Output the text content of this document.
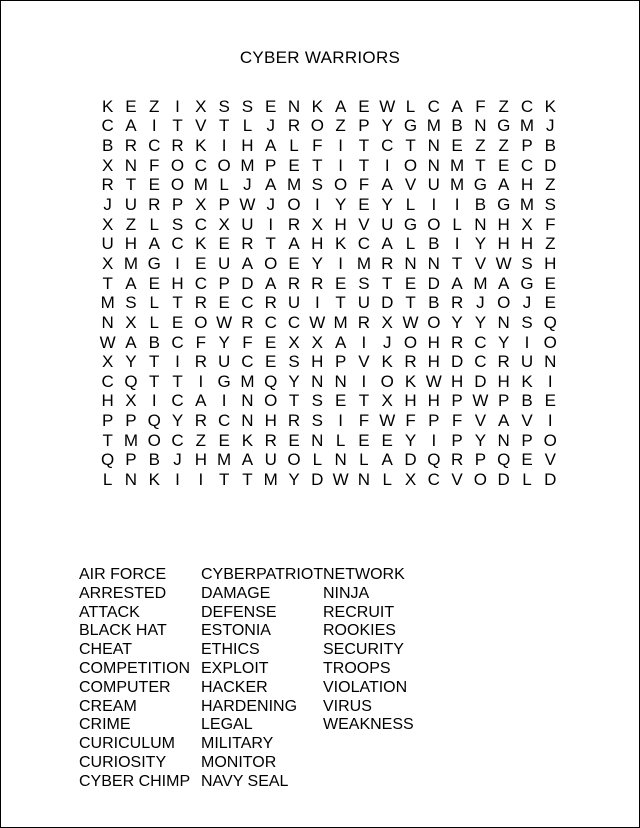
CYBER WARRIORS
K E Z I X S S E N K A E W L C A F Z C K
C A I T V T L J R O Z P Y G M B N G M J
B R C R K I H A L F I T C T N E Z Z P B
X N F O C O M P E T I T I O N M T E C D
R T E O M L J A M S O F A V U M G A H Z
J U R P X P W J O I Y E Y L I	I B G M S
X Z L S C X U I R X H V U G O L N H X F
U H A C K E R T A H K C A L B I Y H H Z
X M G I E U A O E Y I M R N N T V W S H
T A E H C P D A R R E S T E D A M A G E
M S L T R E C R U I T U D T B R J O J E
N X L E O W R C C W M R X W O Y Y N S Q
W A B C F Y F E X X A I J O H R C Y I O
X Y T I R U C E S H P V K R H D C R U N
C Q T T I G M Q Y N N I O K W H D H K I
H X I C A I N O T S E T X H H P W P B E
P P Q Y R C N H R S I F W F P F V A V I
T M O C Z E K R E N L E E Y I P Y N P O
Q P B J H M A U O L N L A D Q R P Q E V
L N K I	I T T M Y D W N L X C V O D L D
AIR FORCE
ARRESTED
ATTACK
BLACK HAT
CHEAT
COMPETITION
COMPUTER
CREAM
CRIME
CURICULUM
CURIOSITY
CYBER CHIMP
CYBERPATRIOT
DAMAGE
DEFENSE
ESTONIA
ETHICS
EXPLOIT
HACKER
HARDENING
LEGAL
MILITARY
MONITOR
NAVY SEAL
NETWORK
NINJA
RECRUIT
ROOKIES
SECURITY
TROOPS
VIOLATION
VIRUS
WEAKNESS
